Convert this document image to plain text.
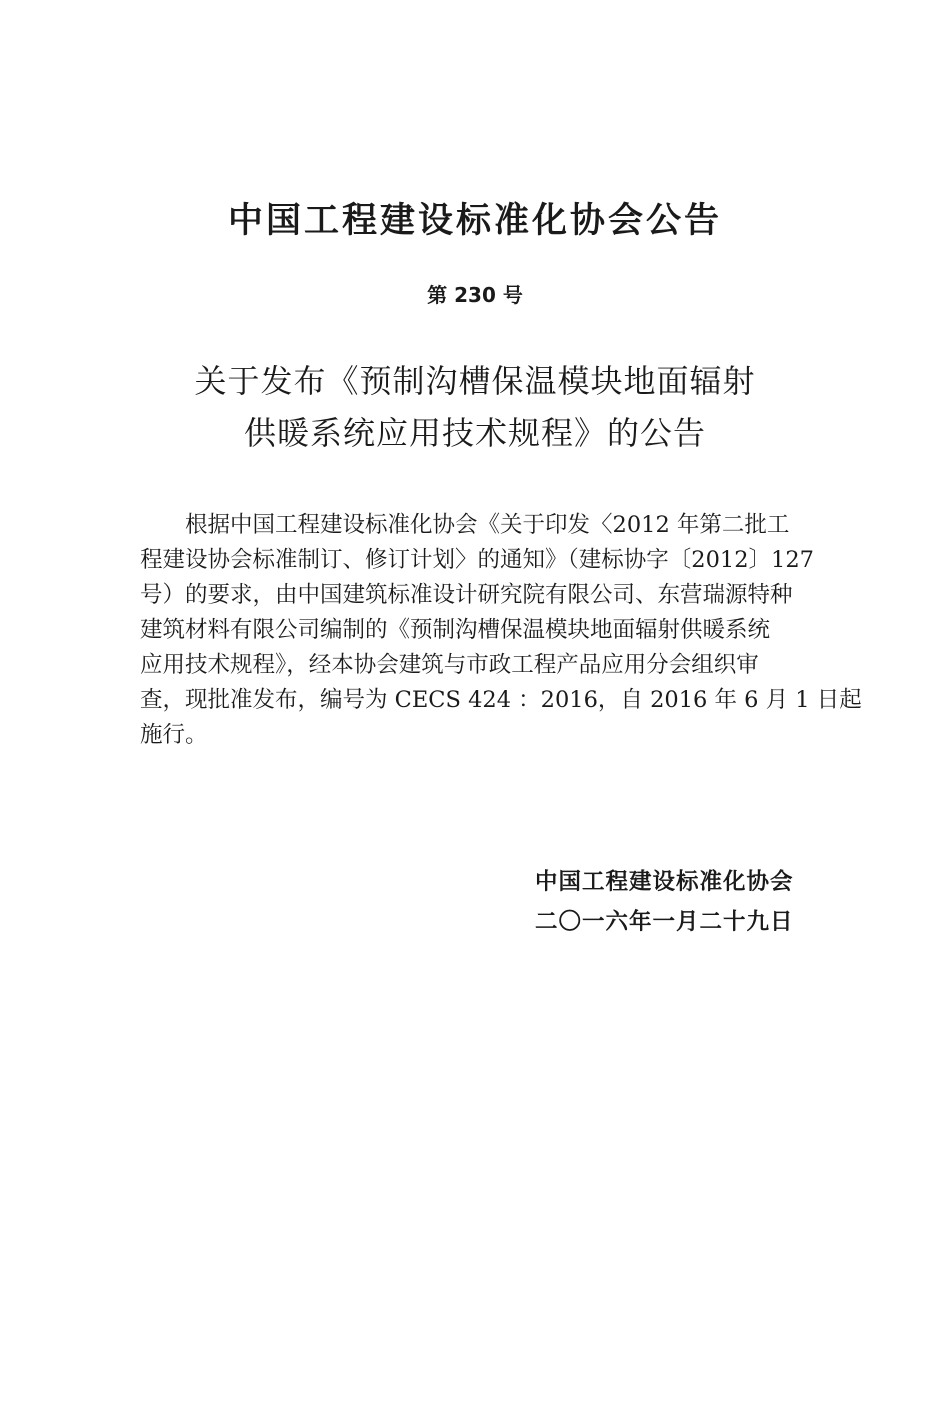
中国工程建设标准化协会公告
第 230 号
关于发布《预制沟槽保温模块地面辐射
供暖系统应用技术规程》的公告
根据中国工程建设标准化协会《关于印发〈2012 年第二批工
程建设协会标准制订、修订计划〉的通知》（建标协字〔2012〕127
号）的要求，由中国建筑标准设计研究院有限公司、东营瑞源特种
建筑材料有限公司编制的《预制沟槽保温模块地面辐射供暖系统
应用技术规程》，经本协会建筑与市政工程产品应用分会组织审
查，现批准发布，编号为 CECS 424 ：2016，自 2016 年 6 月 1 日起
施行。
中国工程建设标准化协会
二〇一六年一月二十九日
